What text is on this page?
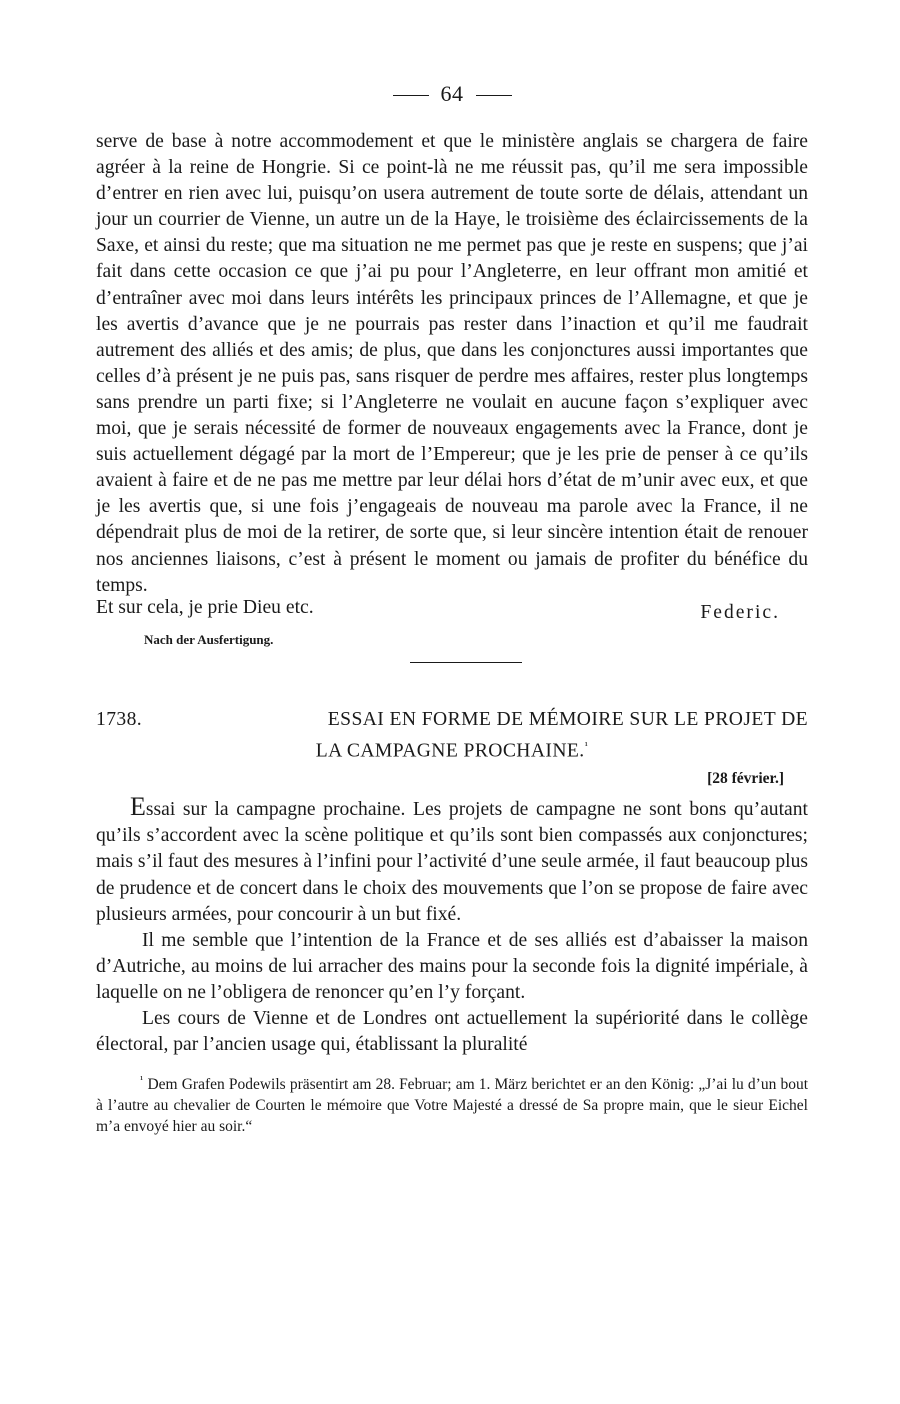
64

serve de base à notre accommodement et que le ministère anglais se chargera de faire agréer à la reine de Hongrie. Si ce point-là ne me réussit pas, qu’il me sera impossible d’entrer en rien avec lui, puisqu’on usera autrement de toute sorte de délais, attendant un jour un courrier de Vienne, un autre un de la Haye, le troisième des éclaircissements de la Saxe, et ainsi du reste; que ma situation ne me permet pas que je reste en suspens; que j’ai fait dans cette occasion ce que j’ai pu pour l’Angleterre, en leur offrant mon amitié et d’entraîner avec moi dans leurs intérêts les principaux princes de l’Allemagne, et que je les avertis d’avance que je ne pourrais pas rester dans l’inaction et qu’il me faudrait autrement des alliés et des amis; de plus, que dans les conjonctures aussi importantes que celles d’à présent je ne puis pas, sans risquer de perdre mes affaires, rester plus longtemps sans prendre un parti fixe; si l’Angleterre ne voulait en aucune façon s’expliquer avec moi, que je serais nécessité de former de nouveaux engagements avec la France, dont je suis actuellement dégagé par la mort de l’Empereur; que je les prie de penser à ce qu’ils avaient à faire et de ne pas me mettre par leur délai hors d’état de m’unir avec eux, et que je les avertis que, si une fois j’engageais de nouveau ma parole avec la France, il ne dépendrait plus de moi de la retirer, de sorte que, si leur sincère intention était de renouer nos anciennes liaisons, c’est à présent le moment ou jamais de profiter du bénéfice du temps.

Et sur cela, je prie Dieu etc.	Federic.
Nach der Ausfertigung.
1738.	ESSAI EN FORME DE MÉMOIRE SUR LE PROJET DE
LA CAMPAGNE PROCHAINE.$^{^1}$
[28 février.]

Essai sur la campagne prochaine. Les projets de campagne ne sont bons qu’autant qu’ils s’accordent avec la scène politique et qu’ils sont bien compassés aux conjonctures; mais s’il faut des mesures à l’infini pour l’activité d’une seule armée, il faut beaucoup plus de prudence et de concert dans le choix des mouvements que l’on se propose de faire avec plusieurs armées, pour concourir à un but fixé.

Il me semble que l’intention de la France et de ses alliés est d’abaisser la maison d’Autriche, au moins de lui arracher des mains pour la seconde fois la dignité impériale, à laquelle on ne l’obligera de renoncer qu’en l’y forçant.

Les cours de Vienne et de Londres ont actuellement la supériorité dans le collège électoral, par l’ancien usage qui, établissant la pluralité

$^{^1}$ Dem Grafen Podewils präsentirt am 28. Februar; am 1. März berichtet er an den König: „J’ai lu d’un bout à l’autre au chevalier de Courten le mémoire que Votre Majesté a dressé de Sa propre main, que le sieur Eichel m’a envoyé hier au soir.“
